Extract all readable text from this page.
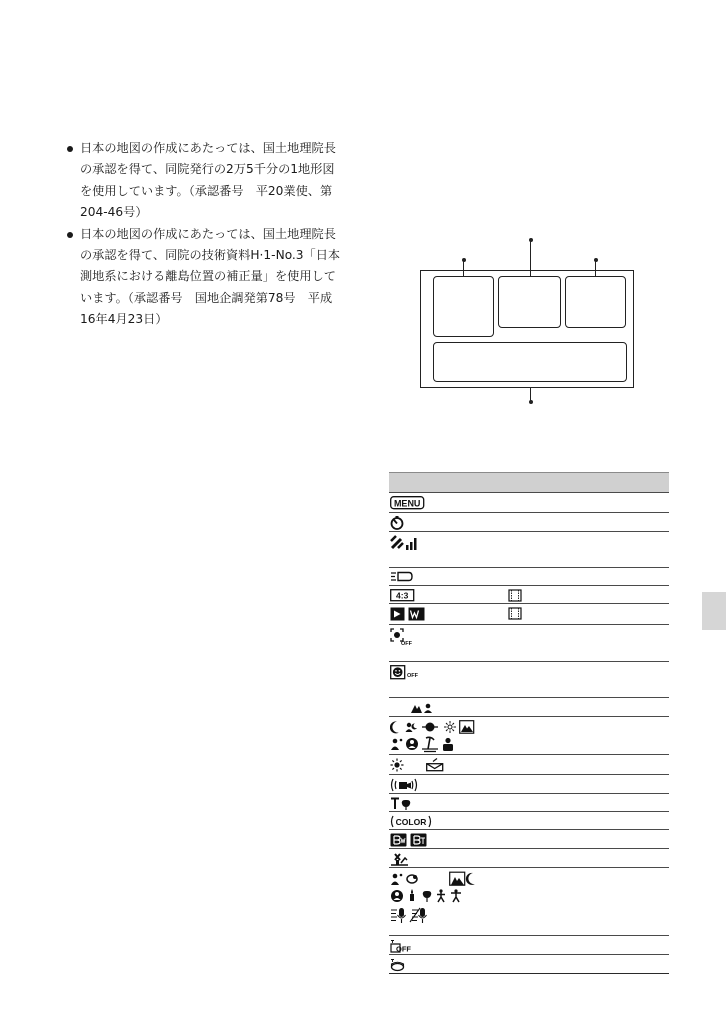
日本の地図の作成にあたっては、国土地理院長
の承認を得て、同院発行の2万5千分の1地形図
を使用しています。（承認番号　平20業使、第
204-46号）

日本の地図の作成にあたっては、国土地理院長
の承認を得て、同院の技術資料H·1-No.3「日本
測地系における離島位置の補正量」を使用して
います。（承認番号　国地企調発第78号　平成
16年4月23日）

MENU
4:3
OFF
OFF
COLOR
OFF
